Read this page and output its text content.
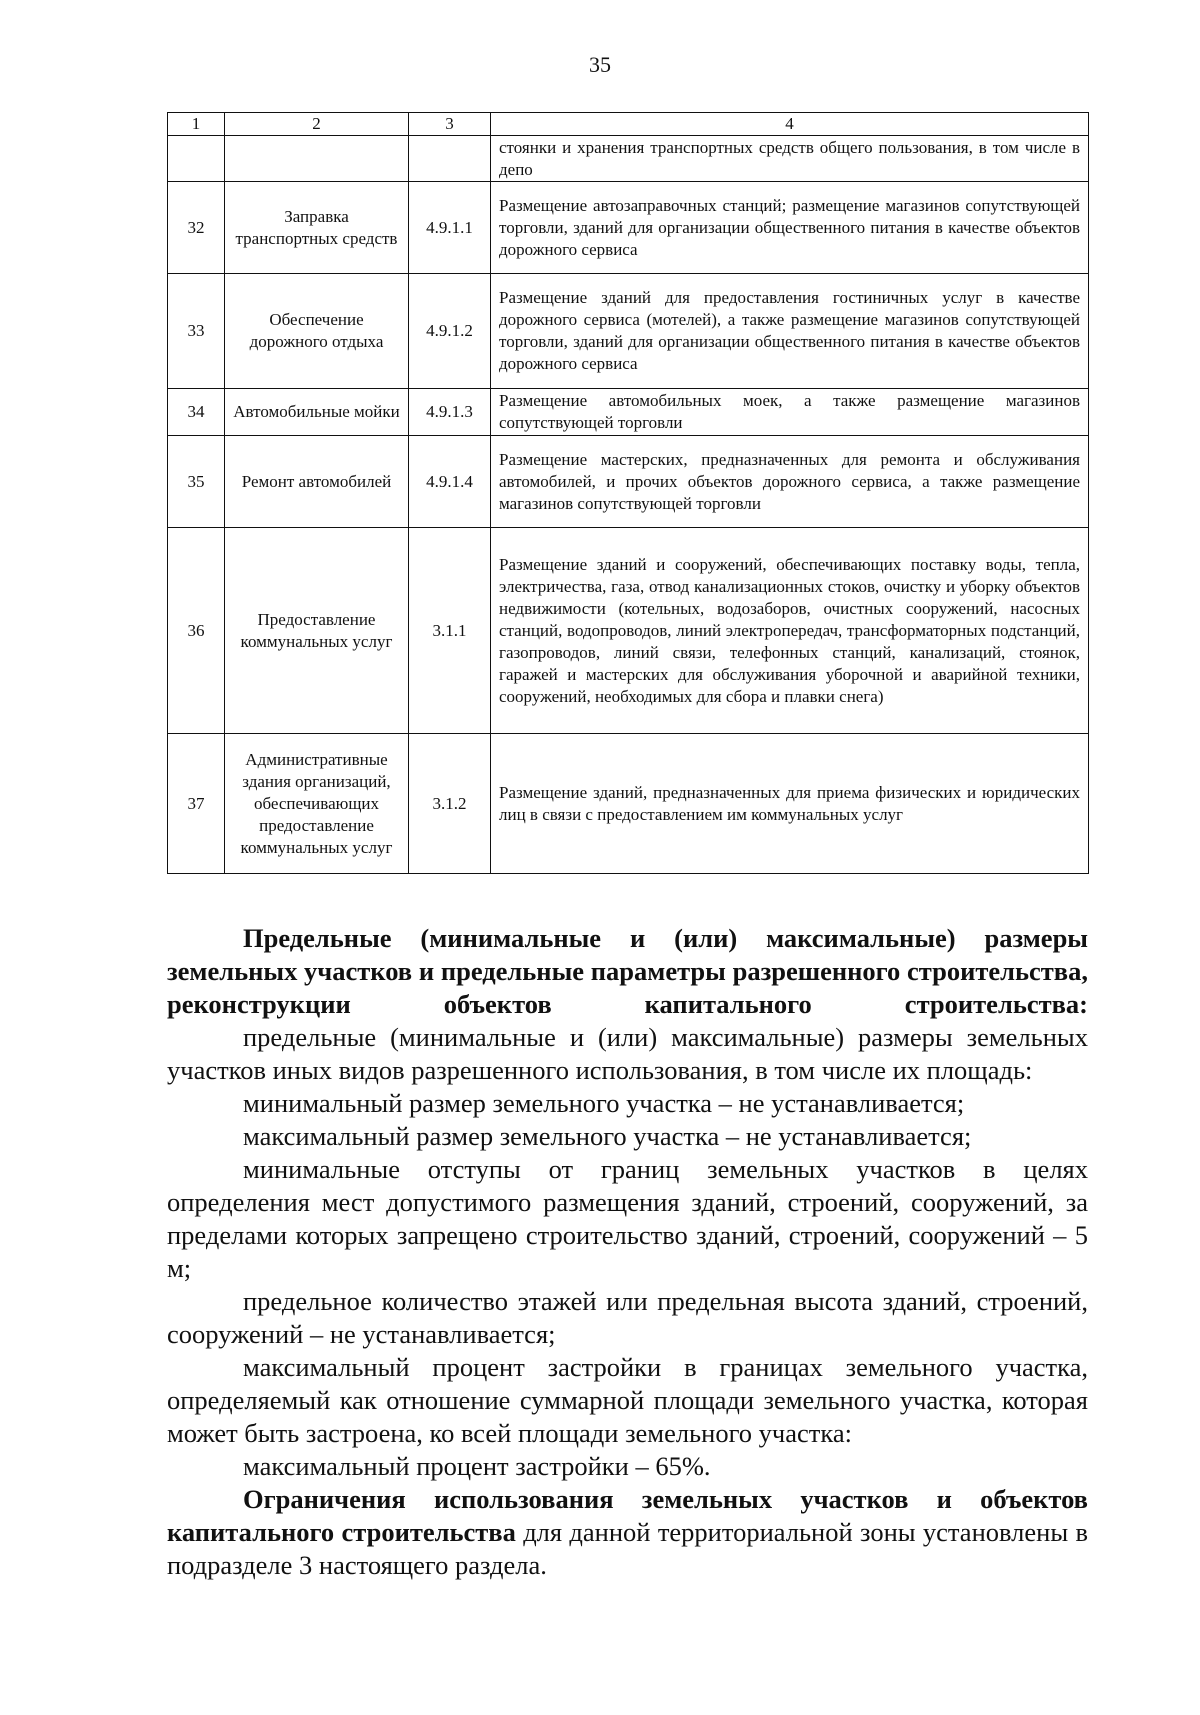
35
1	2	3	4
			стоянки и хранения транспортных средств общего пользования, в том числе в депо
32	Заправка транспортных средств	4.9.1.1	Размещение автозаправочных станций; размещение магазинов сопутствующей торговли, зданий для организации общественного питания в качестве объектов дорожного сервиса
33	Обеспечение дорожного отдыха	4.9.1.2	Размещение зданий для предоставления гостиничных услуг в качестве дорожного сервиса (мотелей), а также размещение магазинов сопутствующей торговли, зданий для организации общественного питания в качестве объектов дорожного сервиса
34	Автомобильные мойки	4.9.1.3	Размещение автомобильных моек, а также размещение магазинов сопутствующей торговли
35	Ремонт автомобилей	4.9.1.4	Размещение мастерских, предназначенных для ремонта и обслуживания автомобилей, и прочих объектов дорожного сервиса, а также размещение магазинов сопутствующей торговли
36	Предоставление коммунальных услуг	3.1.1	Размещение зданий и сооружений, обеспечивающих поставку воды, тепла, электричества, газа, отвод канализационных стоков, очистку и уборку объектов недвижимости (котельных, водозаборов, очистных сооружений, насосных станций, водопроводов, линий электропередач, трансформаторных подстанций, газопроводов, линий связи, телефонных станций, канализаций, стоянок, гаражей и мастерских для обслуживания уборочной и аварийной техники, сооружений, необходимых для сбора и плавки снега)
37	Административные здания организаций, обеспечивающих предоставление коммунальных услуг	3.1.2	Размещение зданий, предназначенных для приема физических и юридических лиц в связи с предоставлением им коммунальных услуг

Предельные (минимальные и (или) максимальные) размеры земельных участков и предельные параметры разрешенного строительства, реконструкции объектов капитального строительства:

предельные (минимальные и (или) максимальные) размеры земельных участков иных видов разрешенного использования, в том числе их площадь:

минимальный размер земельного участка – не устанавливается;

максимальный размер земельного участка – не устанавливается;

минимальные отступы от границ земельных участков в целях определения мест допустимого размещения зданий, строений, сооружений, за пределами которых запрещено строительство зданий, строений, сооружений – 5 м;

предельное количество этажей или предельная высота зданий, строений, сооружений – не устанавливается;

максимальный процент застройки в границах земельного участка, определяемый как отношение суммарной площади земельного участка, которая может быть застроена, ко всей площади земельного участка:

максимальный процент застройки – 65%.

Ограничения использования земельных участков и объектов капитального строительства для данной территориальной зоны установлены в подразделе 3 настоящего раздела.
